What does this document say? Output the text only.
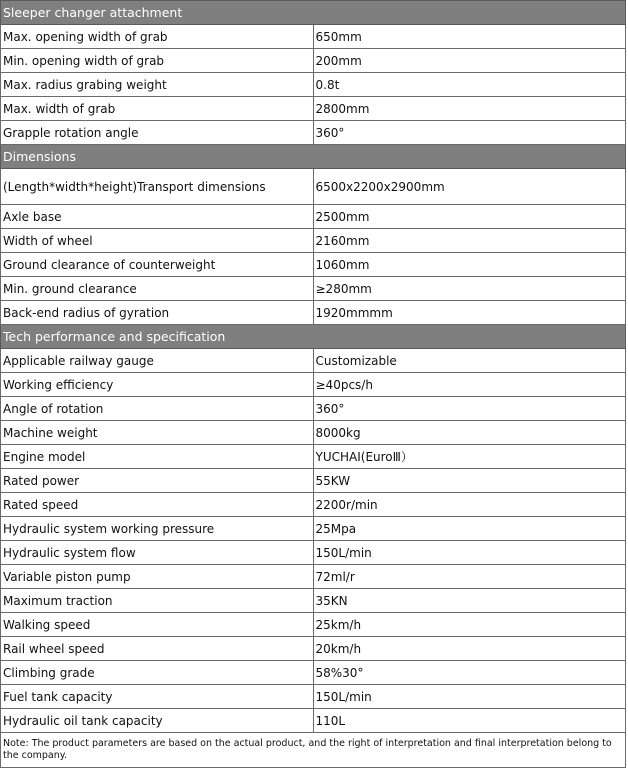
Sleeper changer attachment	
Max. opening width of grab	650mm
Min. opening width of grab	200mm
Max. radius grabing weight	0.8t
Max. width of grab	2800mm
Grapple rotation angle	360°
Dimensions	
(Length*width*height)Transport dimensions	6500x2200x2900mm
Axle base	2500mm
Width of wheel	2160mm
Ground clearance of counterweight	1060mm
Min. ground clearance	≥280mm
Back-end radius of gyration	1920mmmm
Tech performance and specification	
Applicable railway gauge	Customizable
Working efficiency	≥40pcs/h
Angle of rotation	360°
Machine weight	8000kg
Engine model	YUCHAI(EuroⅢ）
Rated power	55KW
Rated speed	2200r/min
Hydraulic system working pressure	25Mpa
Hydraulic system flow	150L/min
Variable piston pump	72ml/r
Maximum traction	35KN
Walking speed	25km/h
Rail wheel speed	20km/h
Climbing grade	58%30°
Fuel tank capacity	150L/min
Hydraulic oil tank capacity	110L
Note: The product parameters are based on the actual product, and the right of interpretation and final interpretation belong to the company.	
